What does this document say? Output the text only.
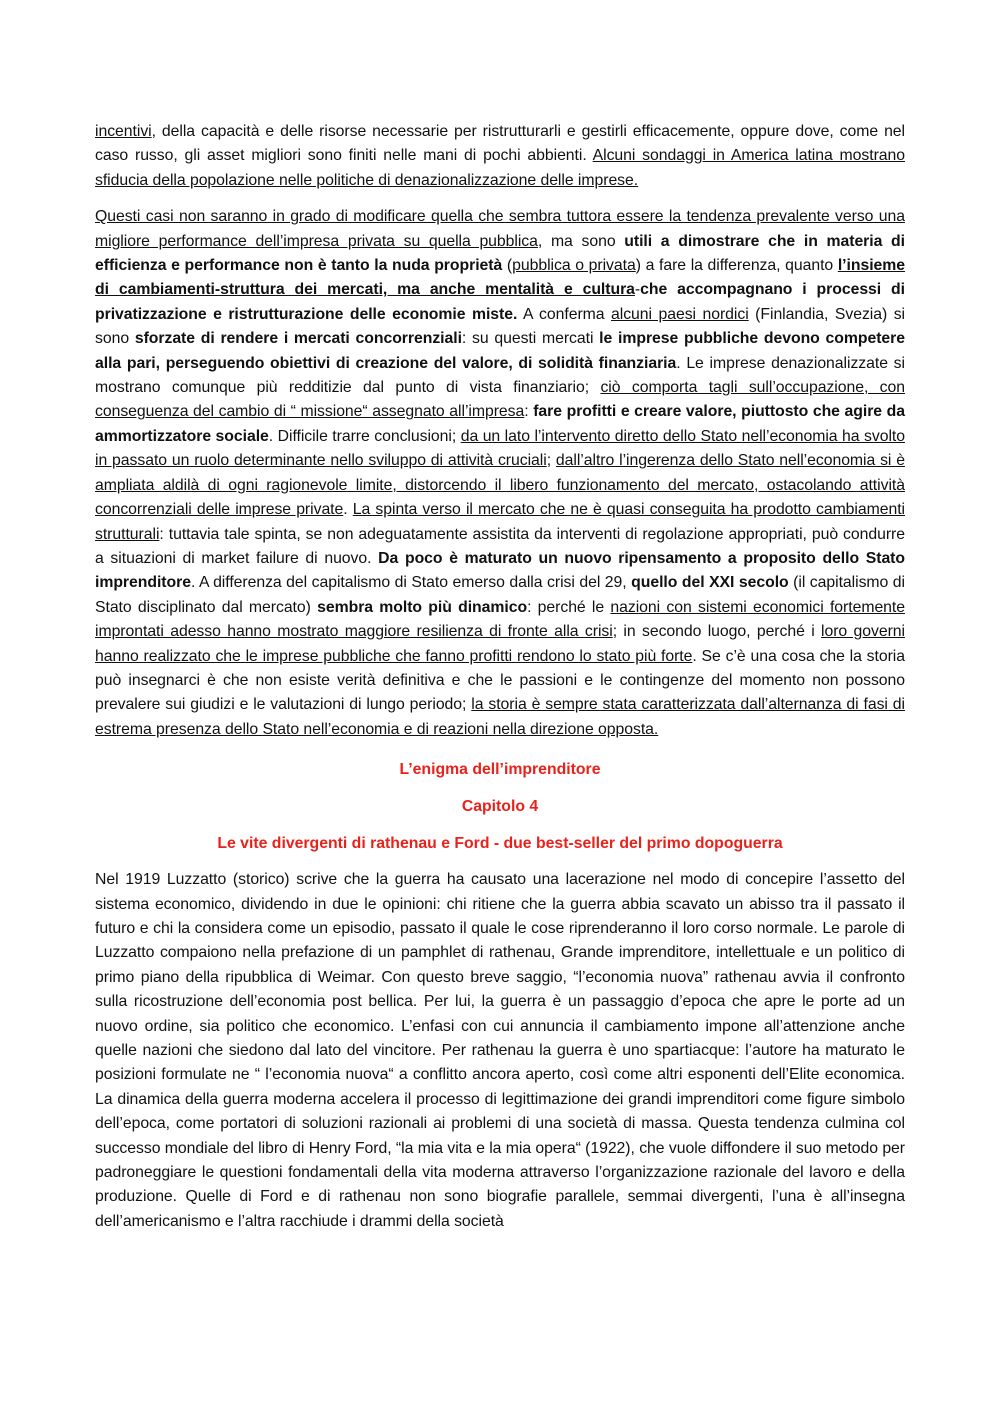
incentivi, della capacità e delle risorse necessarie per ristrutturarli e gestirli efficacemente, oppure dove, come nel caso russo, gli asset migliori sono finiti nelle mani di pochi abbienti. Alcuni sondaggi in America latina mostrano sfiducia della popolazione nelle politiche di denazionalizzazione delle imprese.

Questi casi non saranno in grado di modificare quella che sembra tuttora essere la tendenza prevalente verso una migliore performance dell’impresa privata su quella pubblica, ma sono utili a dimostrare che in materia di efficienza e performance non è tanto la nuda proprietà (pubblica o privata) a fare la differenza, quanto l’insieme di cambiamenti-struttura dei mercati, ma anche mentalità e cultura-che accompagnano i processi di privatizzazione e ristrutturazione delle economie miste. A conferma alcuni paesi nordici (Finlandia, Svezia) si sono sforzate di rendere i mercati concorrenziali: su questi mercati le imprese pubbliche devono competere alla pari, perseguendo obiettivi di creazione del valore, di solidità finanziaria. Le imprese denazionalizzate si mostrano comunque più redditizie dal punto di vista finanziario; ciò comporta tagli sull’occupazione, con conseguenza del cambio di “ missione“ assegnato all’impresa: fare profitti e creare valore, piuttosto che agire da ammortizzatore sociale. Difficile trarre conclusioni; da un lato l’intervento diretto dello Stato nell’economia ha svolto in passato un ruolo determinante nello sviluppo di attività cruciali; dall’altro l’ingerenza dello Stato nell’economia si è ampliata aldilà di ogni ragionevole limite, distorcendo il libero funzionamento del mercato, ostacolando attività concorrenziali delle imprese private. La spinta verso il mercato che ne è quasi conseguita ha prodotto cambiamenti strutturali: tuttavia tale spinta, se non adeguatamente assistita da interventi di regolazione appropriati, può condurre a situazioni di market failure di nuovo. Da poco è maturato un nuovo ripensamento a proposito dello Stato imprenditore. A differenza del capitalismo di Stato emerso dalla crisi del 29, quello del XXI secolo (il capitalismo di Stato disciplinato dal mercato) sembra molto più dinamico: perché le nazioni con sistemi economici fortemente improntati adesso hanno mostrato maggiore resilienza di fronte alla crisi; in secondo luogo, perché i loro governi hanno realizzato che le imprese pubbliche che fanno profitti rendono lo stato più forte. Se c’è una cosa che la storia può insegnarci è che non esiste verità definitiva e che le passioni e le contingenze del momento non possono prevalere sui giudizi e le valutazioni di lungo periodo; la storia è sempre stata caratterizzata dall’alternanza di fasi di estrema presenza dello Stato nell’economia e di reazioni nella direzione opposta.

L’enigma dell’imprenditore
Capitolo 4
Le vite divergenti di rathenau e Ford - due best-seller del primo dopoguerra

Nel 1919 Luzzatto (storico) scrive che la guerra ha causato una lacerazione nel modo di concepire l’assetto del sistema economico, dividendo in due le opinioni: chi ritiene che la guerra abbia scavato un abisso tra il passato il futuro e chi la considera come un episodio, passato il quale le cose riprenderanno il loro corso normale. Le parole di Luzzatto compaiono nella prefazione di un pamphlet di rathenau, Grande imprenditore, intellettuale e un politico di primo piano della ripubblica di Weimar. Con questo breve saggio, “l’economia nuova” rathenau avvia il confronto sulla ricostruzione dell’economia post bellica. Per lui, la guerra è un passaggio d’epoca che apre le porte ad un nuovo ordine, sia politico che economico. L’enfasi con cui annuncia il cambiamento impone all’attenzione anche quelle nazioni che siedono dal lato del vincitore. Per rathenau la guerra è uno spartiacque: l’autore ha maturato le posizioni formulate ne “ l’economia nuova“ a conflitto ancora aperto, così come altri esponenti dell’Elite economica. La dinamica della guerra moderna accelera il processo di legittimazione dei grandi imprenditori come figure simbolo dell’epoca, come portatori di soluzioni razionali ai problemi di una società di massa. Questa tendenza culmina col successo mondiale del libro di Henry Ford, “la mia vita e la mia opera“ (1922), che vuole diffondere il suo metodo per padroneggiare le questioni fondamentali della vita moderna attraverso l’organizzazione razionale del lavoro e della produzione. Quelle di Ford e di rathenau non sono biografie parallele, semmai divergenti, l’una è all’insegna dell’americanismo e l’altra racchiude i drammi della società
